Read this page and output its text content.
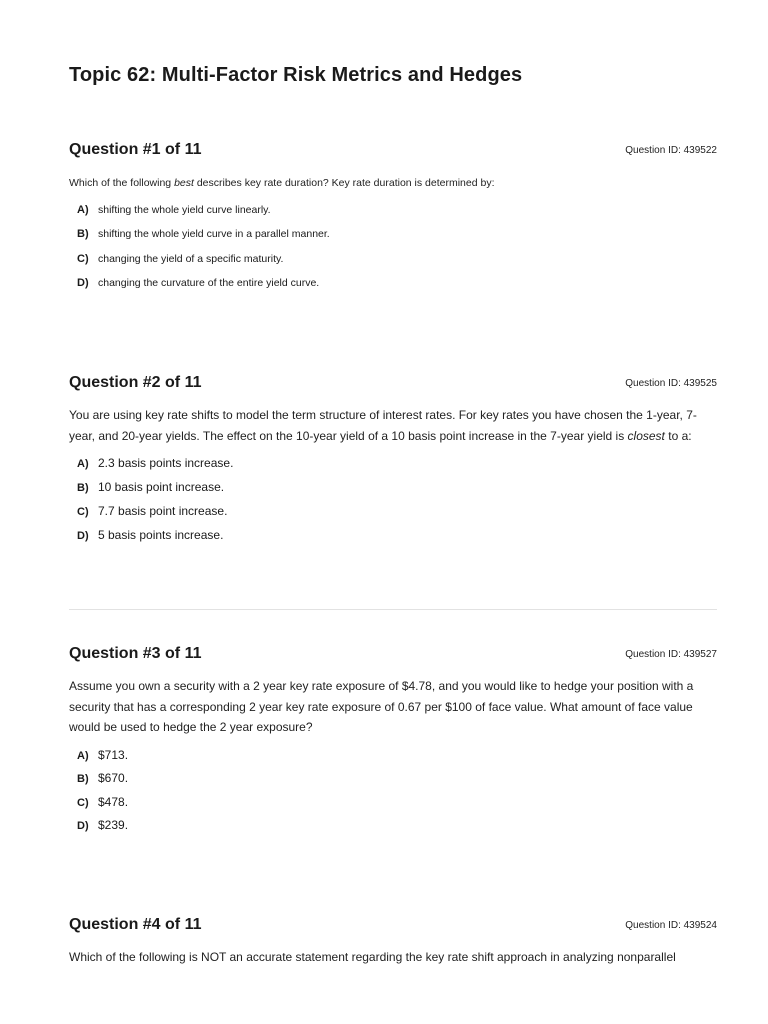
Topic 62: Multi-Factor Risk Metrics and Hedges
Question #1 of 11	Question ID: 439522

Which of the following best describes key rate duration? Key rate duration is determined by:

A) shifting the whole yield curve linearly.
B) shifting the whole yield curve in a parallel manner.
C) changing the yield of a specific maturity.
D) changing the curvature of the entire yield curve.
Question #2 of 11	Question ID: 439525

You are using key rate shifts to model the term structure of interest rates. For key rates you have chosen the 1-year, 7-year, and 20-year yields. The effect on the 10-year yield of a 10 basis point increase in the 7-year yield is closest to a:

A) 2.3 basis points increase.
B) 10 basis point increase.
C) 7.7 basis point increase.
D) 5 basis points increase.
Question #3 of 11	Question ID: 439527

Assume you own a security with a 2 year key rate exposure of $4.78, and you would like to hedge your position with a security that has a corresponding 2 year key rate exposure of 0.67 per $100 of face value. What amount of face value would be used to hedge the 2 year exposure?

A) $713.
B) $670.
C) $478.
D) $239.
Question #4 of 11	Question ID: 439524

Which of the following is NOT an accurate statement regarding the key rate shift approach in analyzing nonparallel
